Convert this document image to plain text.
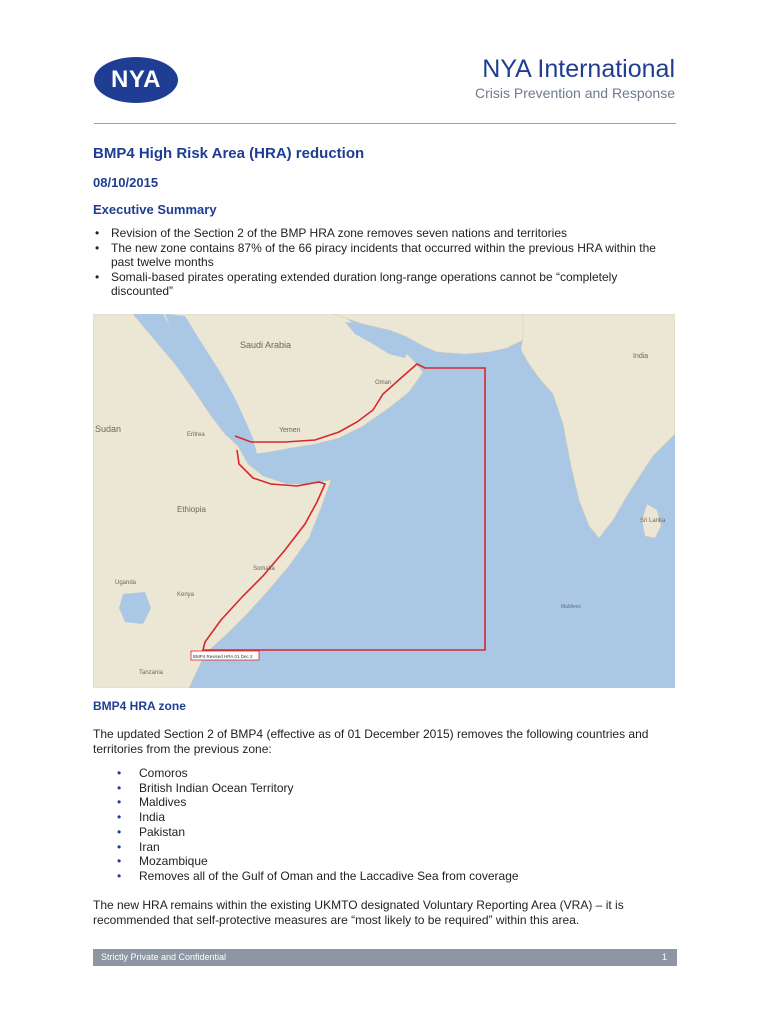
NYA	NYA International
Crisis Prevention and Response
BMP4 High Risk Area (HRA) reduction
08/10/2015
Executive Summary
• Revision of the Section 2 of the BMP HRA zone removes seven nations and territories
• The new zone contains 87% of the 66 piracy incidents that occurred within the previous HRA within the past twelve months
• Somali-based pirates operating extended duration long-range operations cannot be “completely discounted”
Saudi Arabia
Sudan
Eritrea
Yemen
Oman
Ethiopia
Somalia
Kenya
Uganda
Tanzania
India
Sri Lanka
Maldives
BMP4 Revised HRA 01 Dec 2
BMP4 HRA zone

The updated Section 2 of BMP4 (effective as of 01 December 2015) removes the following countries and territories from the previous zone:

• Comoros
• British Indian Ocean Territory
• Maldives
• India
• Pakistan
• Iran
• Mozambique
• Removes all of the Gulf of Oman and the Laccadive Sea from coverage

The new HRA remains within the existing UKMTO designated Voluntary Reporting Area (VRA) – it is recommended that self-protective measures are “most likely to be required” within this area.

Strictly Private and Confidential	1
